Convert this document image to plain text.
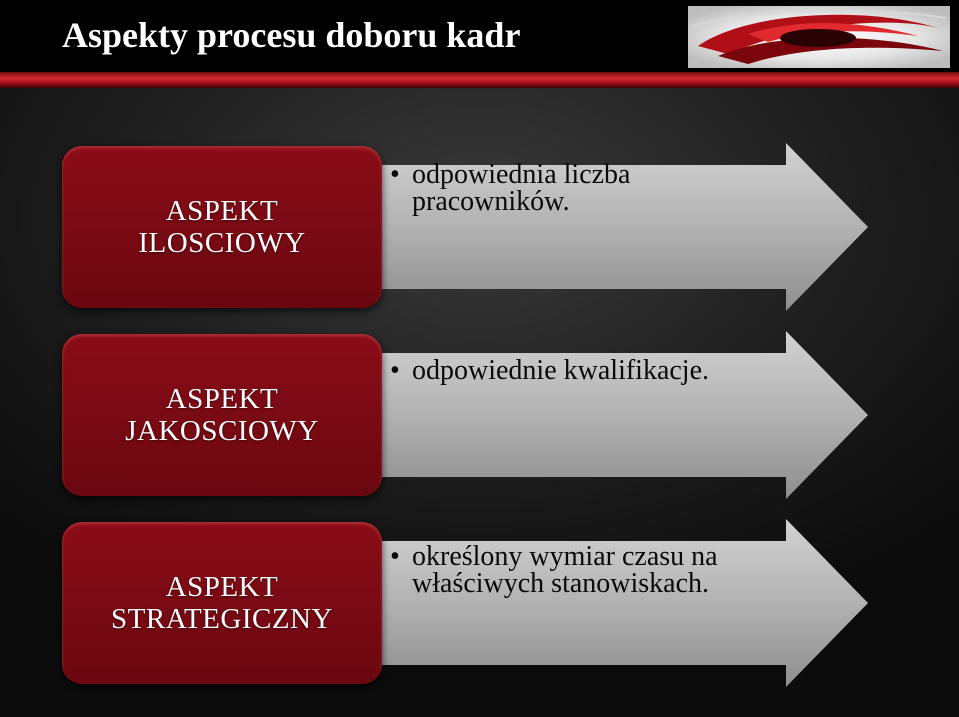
Aspekty procesu doboru kadr
ASPEKT
ILOSCIOWY
• odpowiednia liczba
pracowników.
ASPEKT
JAKOSCIOWY
• odpowiednie kwalifikacje.
ASPEKT
STRATEGICZNY
• określony wymiar czasu na
właściwych stanowiskach.
